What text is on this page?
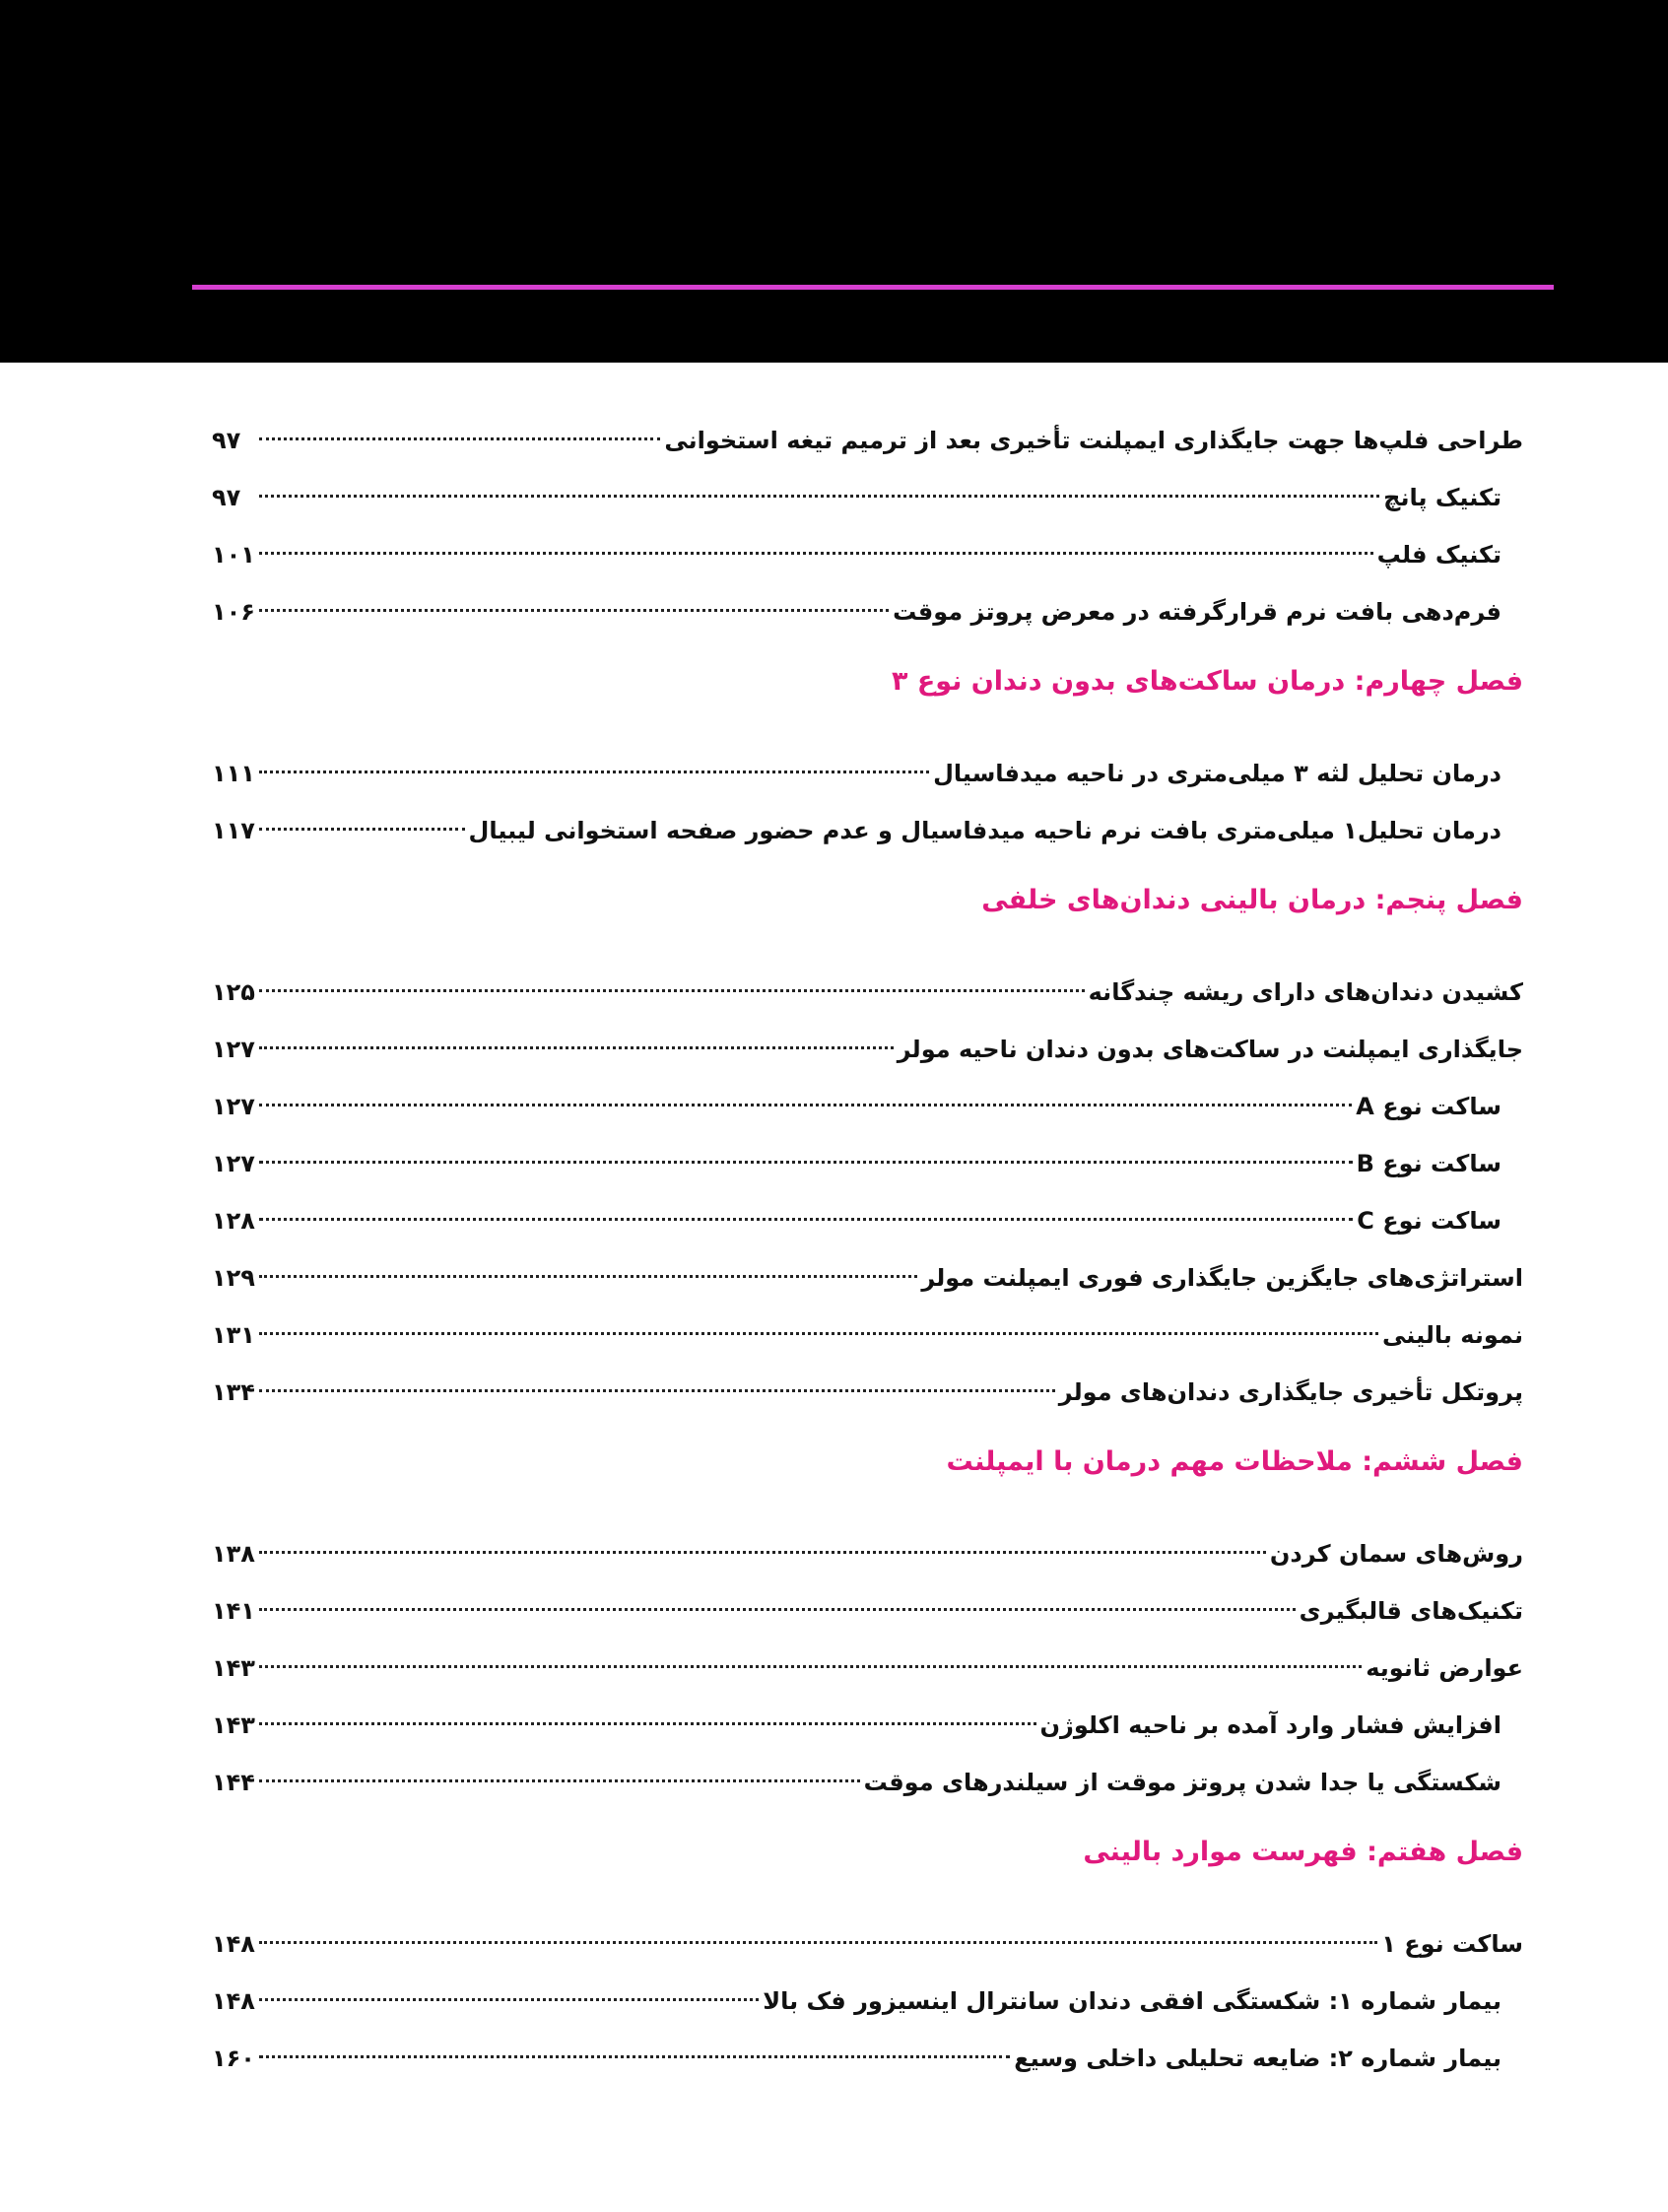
طراحی فلپ‌ها جهت جایگذاری ایمپلنت تأخیری بعد از ترمیم تیغه استخوانی
۹۷
تکنیک پانچ
۹۷
تکنیک فلپ
۱۰۱
فرم‌دهی بافت نرم قرارگرفته در معرض پروتز موقت
۱۰۶
فصل چهارم: درمان ساکت‌های بدون دندان نوع ۳
درمان تحلیل لثه ۳ میلی‌متری در ناحیه میدفاسیال
۱۱۱
درمان تحلیل۱ میلی‌متری بافت نرم ناحیه میدفاسیال و عدم حضور صفحه استخوانی لیبیال
۱۱۷
فصل پنجم: درمان بالینی دندان‌های خلفی
کشیدن دندان‌های دارای ریشه چندگانه
۱۲۵
جایگذاری ایمپلنت در ساکت‌های بدون دندان ناحیه مولر
۱۲۷
ساکت نوع A
۱۲۷
ساکت نوع B
۱۲۷
ساکت نوع C
۱۲۸
استراتژی‌های جایگزین جایگذاری فوری ایمپلنت مولر
۱۲۹
نمونه بالینی
۱۳۱
پروتکل تأخیری جایگذاری دندان‌های مولر
۱۳۴
فصل ششم: ملاحظات مهم درمان با ایمپلنت
روش‌های سمان کردن
۱۳۸
تکنیک‌های قالبگیری
۱۴۱
عوارض ثانویه
۱۴۳
افزایش فشار وارد آمده بر ناحیه اکلوژن
۱۴۳
شکستگی یا جدا شدن پروتز موقت از سیلندرهای موقت
۱۴۴
فصل هفتم: فهرست موارد بالینی
ساکت نوع ۱
۱۴۸
بیمار شماره ۱: شکستگی افقی دندان سانترال اینسیزور فک بالا
۱۴۸
بیمار شماره ۲: ضایعه تحلیلی داخلی وسیع
۱۶۰
